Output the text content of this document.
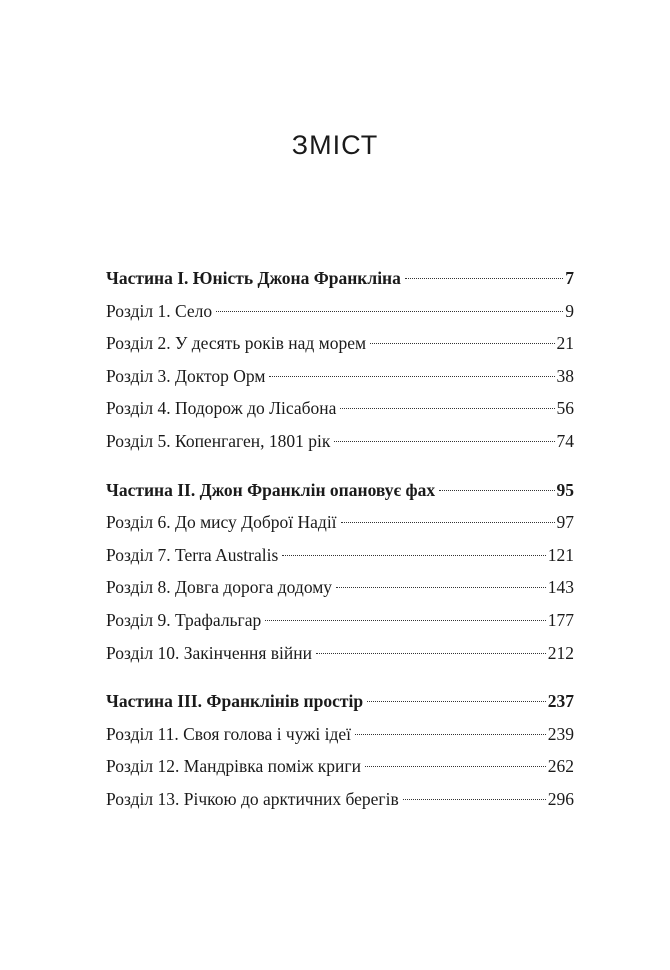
ЗМІСТ
Частина І. Юність Джона Франкліна	7
Розділ 1. Село	9
Розділ 2. У десять років над морем	21
Розділ 3. Доктор Орм	38
Розділ 4. Подорож до Лісабона	56
Розділ 5. Копенгаген, 1801 рік	74
Частина ІІ. Джон Франклін опановує фах	95
Розділ 6. До мису Доброї Надії	97
Розділ 7. Terra Australis	121
Розділ 8. Довга дорога додому	143
Розділ 9. Трафальгар	177
Розділ 10. Закінчення війни	212
Частина ІІІ. Франклінів простір	237
Розділ 11. Своя голова і чужі ідеї	239
Розділ 12. Мандрівка поміж криги	262
Розділ 13. Річкою до арктичних берегів	296
